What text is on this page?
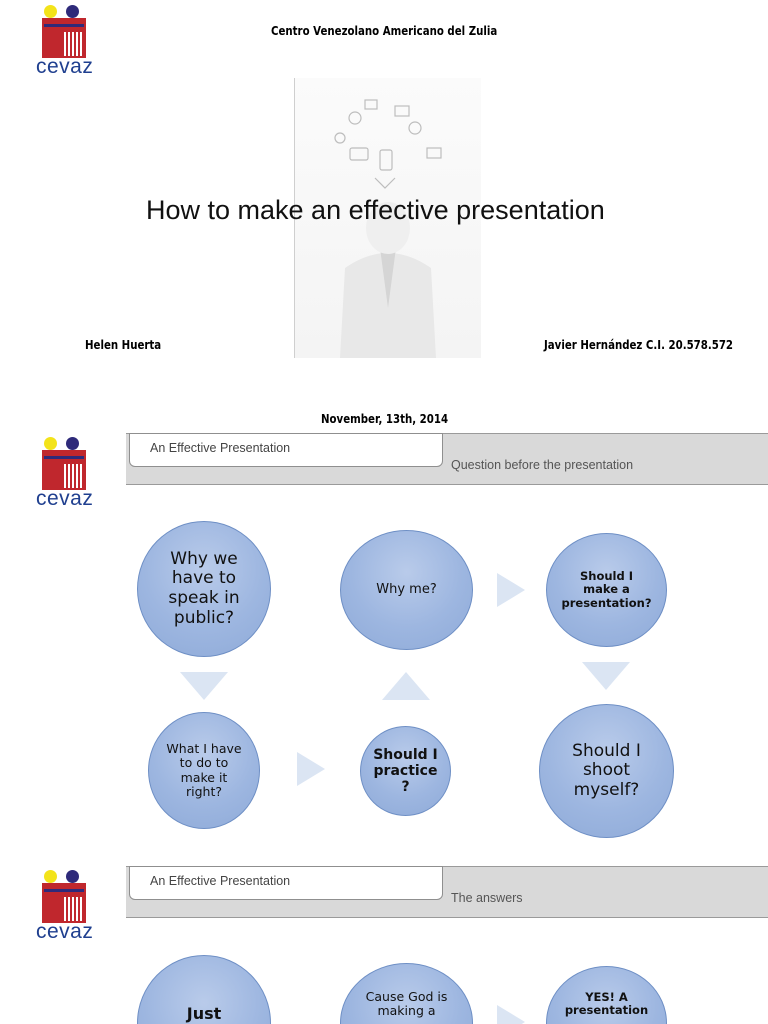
cevaz
Centro Venezolano Americano del Zulia
How to make an effective presentation
Helen Huerta	Javier Hernández C.I. 20.578.572
November, 13th, 2014
cevaz
An Effective Presentation
Question before the presentation
Why we have to speak in public?
Why me?
Should I make a presentation?
What I have to do to make it right?
Should I practice ?
Should I shoot myself?
cevaz
An Effective Presentation
The answers
Just
Cause God is making a
YES! A presentation
